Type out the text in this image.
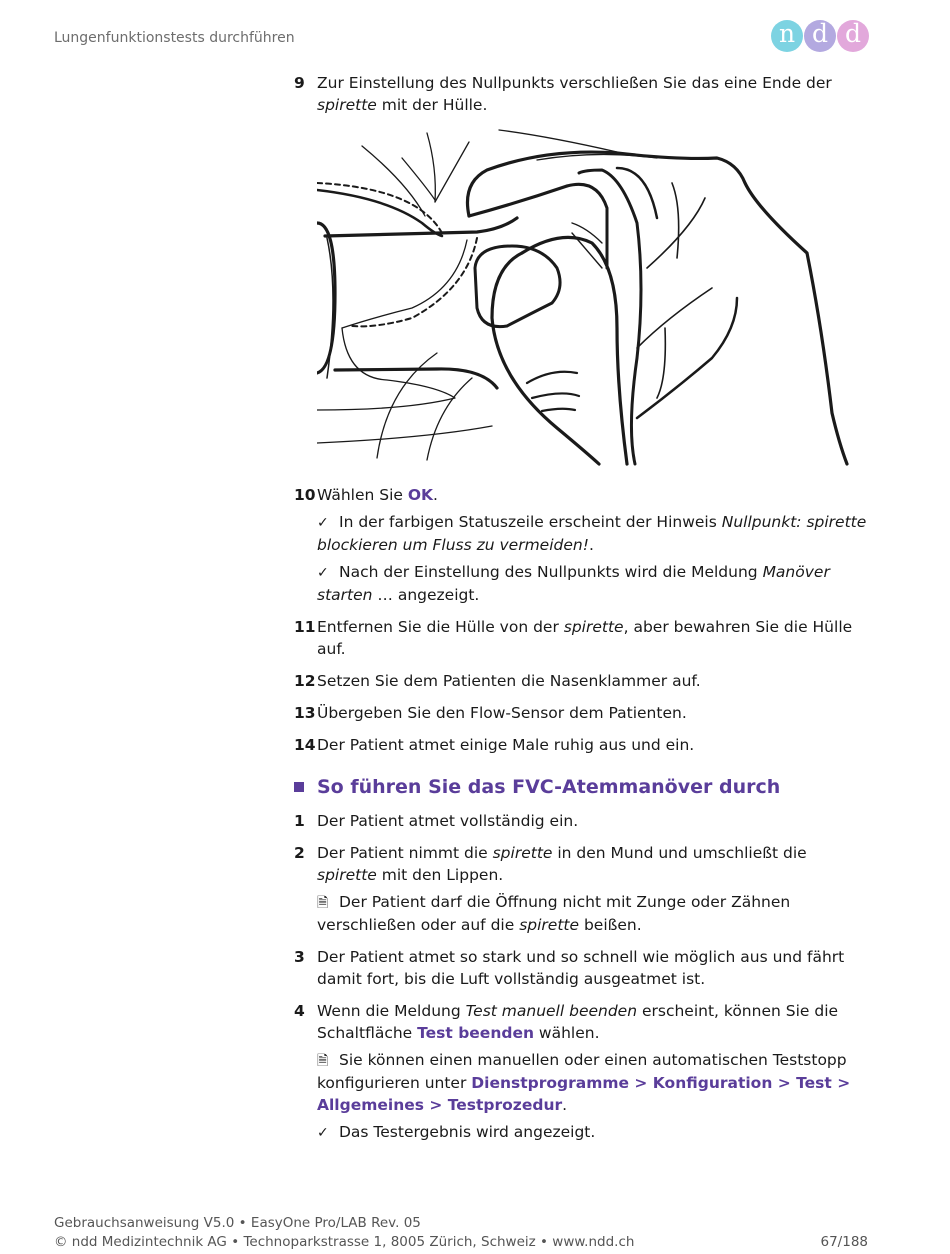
Lungenfunktionstests durchführen	n d d
9 Zur Einstellung des Nullpunkts verschließen Sie das eine Ende der spirette mit der Hülle.
10 Wählen Sie OK.
✓ In der farbigen Statuszeile erscheint der Hinweis Nullpunkt: spirette blockieren um Fluss zu vermeiden!.
✓ Nach der Einstellung des Nullpunkts wird die Meldung Manöver starten … angezeigt.
11 Entfernen Sie die Hülle von der spirette, aber bewahren Sie die Hülle auf.
12 Setzen Sie dem Patienten die Nasenklammer auf.
13 Übergeben Sie den Flow-Sensor dem Patienten.
14 Der Patient atmet einige Male ruhig aus und ein.
So führen Sie das FVC-Atemmanöver durch
1 Der Patient atmet vollständig ein.
2 Der Patient nimmt die spirette in den Mund und umschließt die spirette mit den Lippen.
🗎 Der Patient darf die Öffnung nicht mit Zunge oder Zähnen verschließen oder auf die spirette beißen.
3 Der Patient atmet so stark und so schnell wie möglich aus und fährt damit fort, bis die Luft vollständig ausgeatmet ist.
4 Wenn die Meldung Test manuell beenden erscheint, können Sie die Schaltfläche Test beenden wählen.
🗎 Sie können einen manuellen oder einen automatischen Teststopp konfigurieren unter Dienstprogramme > Konfiguration > Test > Allgemeines > Testprozedur.
✓ Das Testergebnis wird angezeigt.
Gebrauchsanweisung V5.0 • EasyOne Pro/LAB Rev. 05
© ndd Medizintechnik AG • Technoparkstrasse 1, 8005 Zürich, Schweiz • www.ndd.ch	67/188
